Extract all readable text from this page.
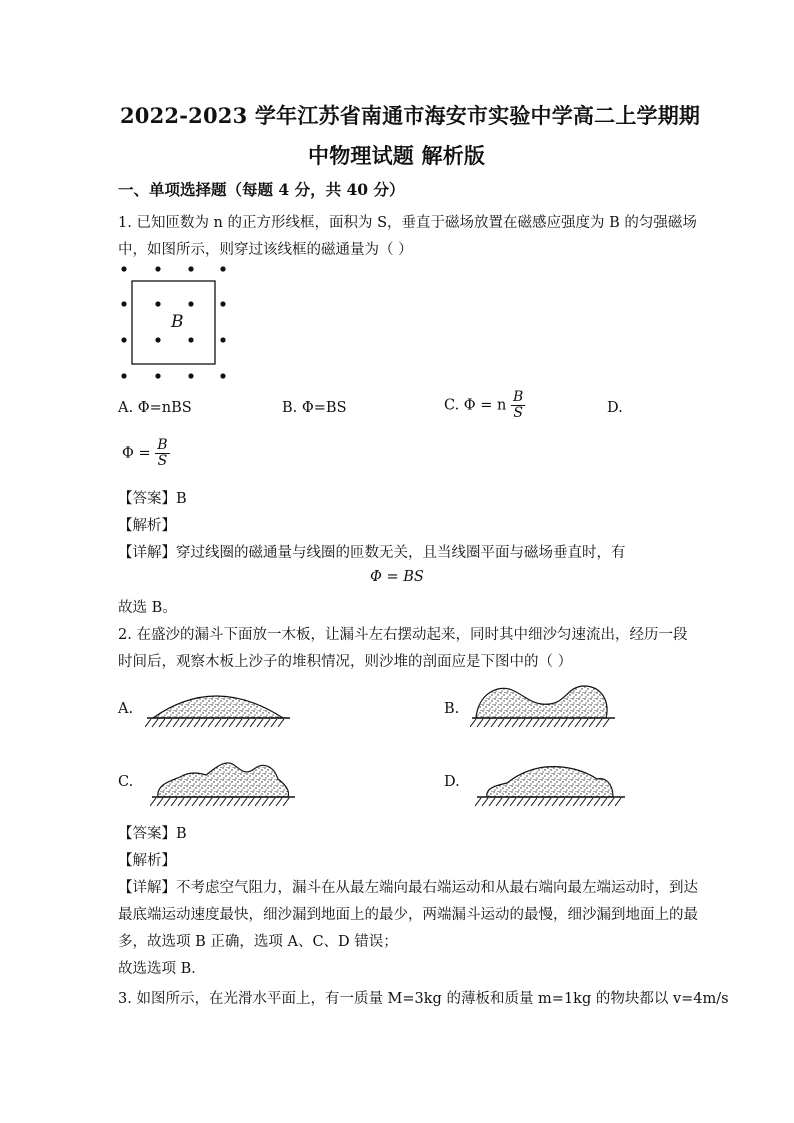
2022-2023 学年江苏省南通市海安市实验中学高二上学期期
中物理试题 解析版
一、单项选择题（每题 4 分，共 40 分）
1. 已知匝数为 n 的正方形线框，面积为 S，垂直于磁场放置在磁感应强度为 B 的匀强磁场
中，如图所示，则穿过该线框的磁通量为（ ）
B
A. Φ=nBS	B. Φ=BS	C. Φ = n $\frac{B}{S}$	D.
$\Phi = \frac{B}{S}$
【答案】B
【解析】
【详解】穿过线圈的磁通量与线圈的匝数无关，且当线圈平面与磁场垂直时，有
Φ = BS
故选 B。
2. 在盛沙的漏斗下面放一木板，让漏斗左右摆动起来，同时其中细沙匀速流出，经历一段
时间后，观察木板上沙子的堆积情况，则沙堆的剖面应是下图中的（ ）
A.	B.
C.	D.
【答案】B
【解析】
【详解】不考虑空气阻力，漏斗在从最左端向最右端运动和从最右端向最左端运动时，到达
最底端运动速度最快，细沙漏到地面上的最少，两端漏斗运动的最慢，细沙漏到地面上的最
多，故选项 B 正确，选项 A、C、D 错误；
故选选项 B．
3. 如图所示，在光滑水平面上，有一质量 M=3kg 的薄板和质量 m=1kg 的物块都以 v=4m/s
